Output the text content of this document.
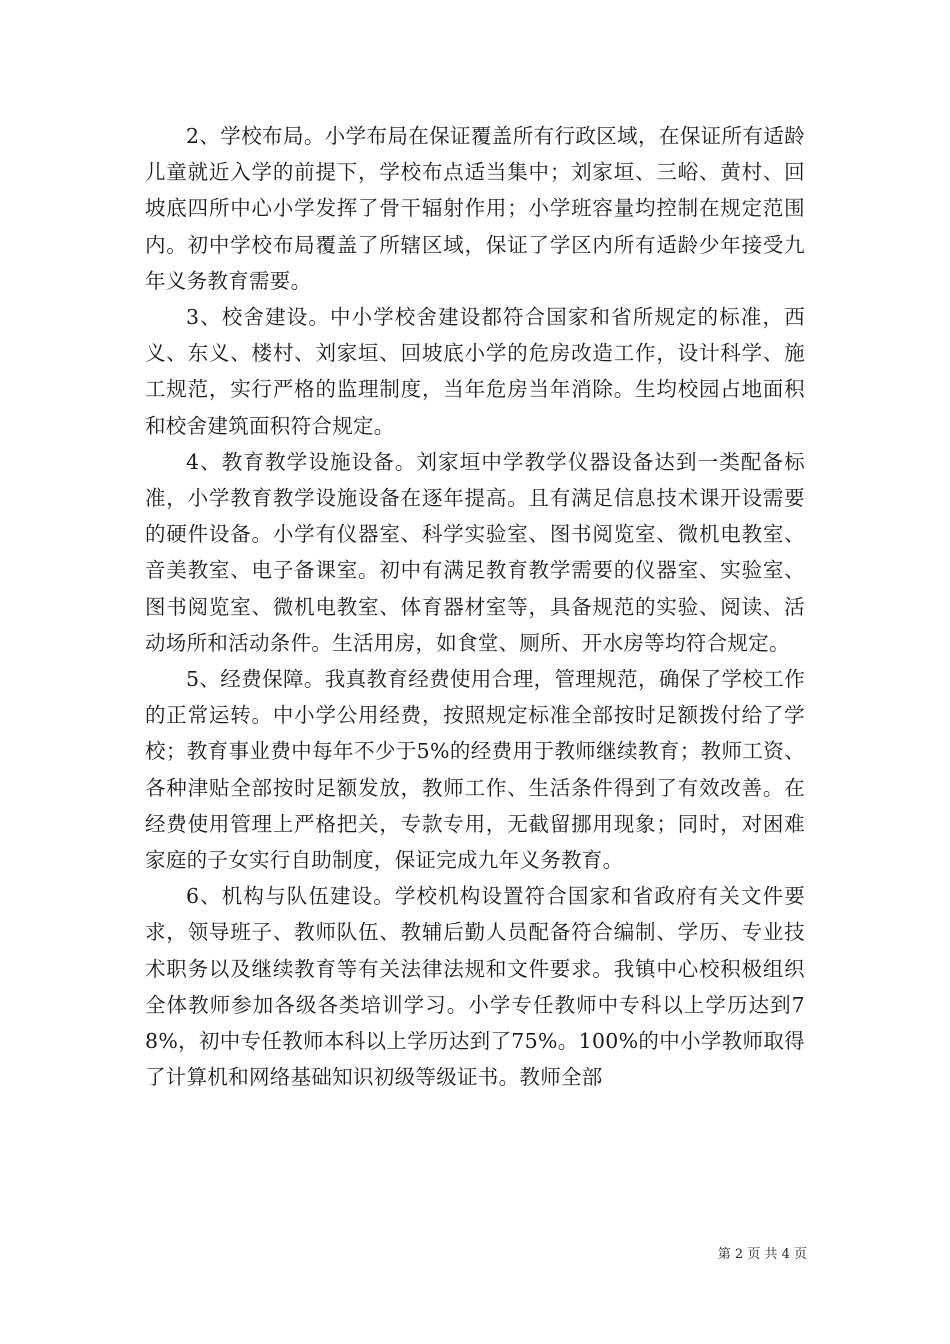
2、学校布局。小学布局在保证覆盖所有行政区域，在保证所有适龄儿童就近入学的前提下，学校布点适当集中；刘家垣、三峪、黄村、回坡底四所中心小学发挥了骨干辐射作用；小学班容量均控制在规定范围内。初中学校布局覆盖了所辖区域，保证了学区内所有适龄少年接受九年义务教育需要。

3、校舍建设。中小学校舍建设都符合国家和省所规定的标准，西义、东义、楼村、刘家垣、回坡底小学的危房改造工作，设计科学、施工规范，实行严格的监理制度，当年危房当年消除。生均校园占地面积和校舍建筑面积符合规定。

4、教育教学设施设备。刘家垣中学教学仪器设备达到一类配备标准，小学教育教学设施设备在逐年提高。且有满足信息技术课开设需要的硬件设备。小学有仪器室、科学实验室、图书阅览室、微机电教室、音美教室、电子备课室。初中有满足教育教学需要的仪器室、实验室、图书阅览室、微机电教室、体育器材室等，具备规范的实验、阅读、活动场所和活动条件。生活用房，如食堂、厕所、开水房等均符合规定。

5、经费保障。我真教育经费使用合理，管理规范，确保了学校工作的正常运转。中小学公用经费，按照规定标准全部按时足额拨付给了学校；教育事业费中每年不少于5%的经费用于教师继续教育；教师工资、各种津贴全部按时足额发放，教师工作、生活条件得到了有效改善。在经费使用管理上严格把关，专款专用，无截留挪用现象；同时，对困难家庭的子女实行自助制度，保证完成九年义务教育。

6、机构与队伍建设。学校机构设置符合国家和省政府有关文件要求，领导班子、教师队伍、教辅后勤人员配备符合编制、学历、专业技术职务以及继续教育等有关法律法规和文件要求。我镇中心校积极组织全体教师参加各级各类培训学习。小学专任教师中专科以上学历达到78%，初中专任教师本科以上学历达到了75%。100%的中小学教师取得了计算机和网络基础知识初级等级证书。教师全部

第 2 页 共 4 页
